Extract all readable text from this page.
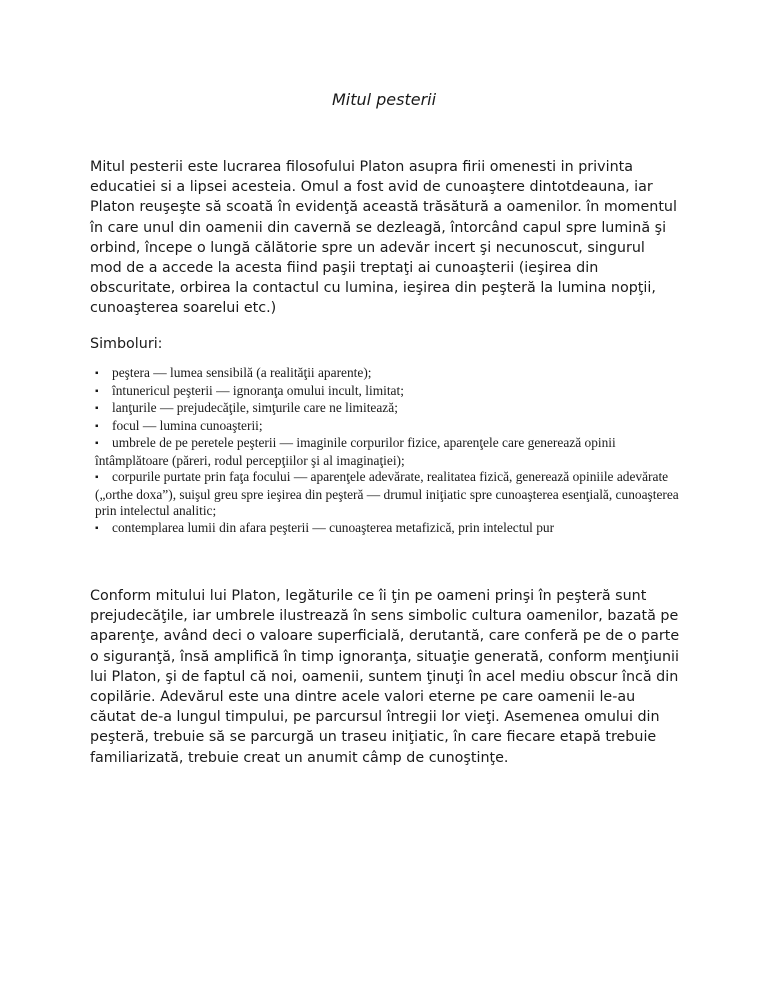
Mitul pesterii

Mitul pesterii este lucrarea filosofului Platon asupra firii omenesti in privinta educatiei si a lipsei acesteia. Omul a fost avid de cunoaştere dintotdeauna, iar Platon reuşeşte să scoată în evidenţă această trăsătură a oamenilor. în momentul în care unul din oamenii din cavernă se dezleagă, întorcând capul spre lumină şi orbind, începe o lungă călătorie spre un adevăr incert şi necunoscut, singurul mod de a accede la acesta fiind paşii treptaţi ai cunoaşterii (ieşirea din obscuritate, orbirea la contactul cu lumina, ieşirea din peşteră la lumina nopţii, cunoaşterea soarelui etc.)

Simboluri:

▪ peştera — lumea sensibilă (a realităţii aparente);
▪ întunericul peşterii — ignoranţa omului incult, limitat;
▪ lanţurile — prejudecăţile, simţurile care ne limitează;
▪ focul — lumina cunoaşterii;
▪ umbrele de pe peretele peşterii — imaginile corpurilor fizice, aparenţele care generează opinii întâmplătoare (păreri, rodul percepţiilor şi al imaginaţiei);
▪ corpurile purtate prin faţa focului — aparenţele adevărate, realitatea fizică, generează opiniile adevărate („orthe doxa”), suişul greu spre ieşirea din peşteră — drumul iniţiatic spre cunoaşterea esenţială, cunoaşterea prin intelectul analitic;
▪ contemplarea lumii din afara peşterii — cunoaşterea metafizică, prin intelectul pur

Conform mitului lui Platon, legăturile ce îi ţin pe oameni prinşi în peşteră sunt prejudecăţile, iar umbrele ilustrează în sens simbolic cultura oamenilor, bazată pe aparenţe, având deci o valoare superficială, derutantă, care conferă pe de o parte o siguranţă, însă amplifică în timp ignoranţa, situaţie generată, conform menţiunii lui Platon, şi de faptul că noi, oamenii, suntem ţinuţi în acel mediu obscur încă din copilărie. Adevărul este una dintre acele valori eterne pe care oamenii le-au căutat de-a lungul timpului, pe parcursul întregii lor vieţi. Asemenea omului din peşteră, trebuie să se parcurgă un traseu iniţiatic, în care fiecare etapă trebuie familiarizată, trebuie creat un anumit câmp de cunoştinţe.
